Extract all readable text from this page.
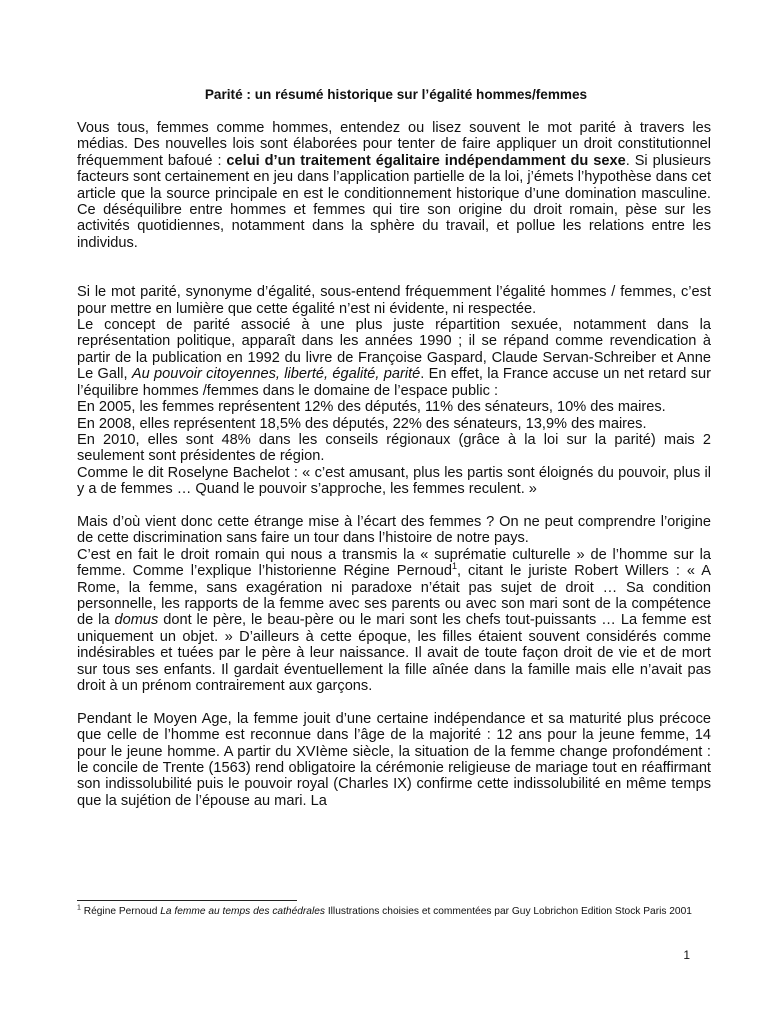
Parité : un résumé historique sur l’égalité hommes/femmes

Vous tous, femmes comme hommes, entendez ou lisez souvent le mot parité à travers les médias. Des nouvelles lois sont élaborées pour tenter de faire appliquer un droit constitutionnel fréquemment bafoué : celui d’un traitement égalitaire indépendamment du sexe. Si plusieurs facteurs sont certainement en jeu dans l’application partielle de la loi, j’émets l’hypothèse dans cet article que la source principale en est le conditionnement historique d’une domination masculine. Ce déséquilibre entre hommes et femmes qui tire son origine du droit romain, pèse sur les activités quotidiennes, notamment dans la sphère du travail, et pollue les relations entre les individus.

Si le mot parité, synonyme d’égalité, sous-entend fréquemment l’égalité hommes / femmes, c’est pour mettre en lumière que cette égalité n’est ni évidente, ni respectée.

Le concept de parité associé à une plus juste répartition sexuée, notamment dans la représentation politique, apparaît dans les années 1990 ; il se répand comme revendication à partir de la publication en 1992 du livre de Françoise Gaspard, Claude Servan-Schreiber et Anne Le Gall, Au pouvoir citoyennes, liberté, égalité, parité. En effet, la France accuse un net retard sur l’équilibre hommes /femmes dans le domaine de l’espace public :

En 2005, les femmes représentent 12% des députés, 11% des sénateurs, 10% des maires.

En 2008, elles représentent 18,5% des députés, 22% des sénateurs, 13,9% des maires.

En 2010, elles sont 48% dans les conseils régionaux (grâce à la loi sur la parité) mais 2 seulement sont présidentes de région.

Comme le dit Roselyne Bachelot : « c’est amusant, plus les partis sont éloignés du pouvoir, plus il y a de femmes … Quand le pouvoir s’approche, les femmes reculent. »

Mais d’où vient donc cette étrange mise à l’écart des femmes ? On ne peut comprendre l’origine de cette discrimination sans faire un tour dans l’histoire de notre pays.

C’est en fait le droit romain qui nous a transmis la « suprématie culturelle » de l’homme sur la femme. Comme l’explique l’historienne Régine Pernoud$^1$, citant le juriste Robert Willers : « A Rome, la femme, sans exagération ni paradoxe n’était pas sujet de droit … Sa condition personnelle, les rapports de la femme avec ses parents ou avec son mari sont de la compétence de la domus dont le père, le beau-père ou le mari sont les chefs tout-puissants … La femme est uniquement un objet. » D’ailleurs à cette époque, les filles étaient souvent considérés comme indésirables et tuées par le père à leur naissance. Il avait de toute façon droit de vie et de mort sur tous ses enfants. Il gardait éventuellement la fille aînée dans la famille mais elle n’avait pas droit à un prénom contrairement aux garçons.

Pendant le Moyen Age, la femme jouit d’une certaine indépendance et sa maturité plus précoce que celle de l’homme est reconnue dans l’âge de la majorité : 12 ans pour la jeune femme, 14 pour le jeune homme. A partir du XVIème siècle, la situation de la femme change profondément : le concile de Trente (1563) rend obligatoire la cérémonie religieuse de mariage tout en réaffirmant son indissolubilité puis le pouvoir royal (Charles IX) confirme cette indissolubilité en même temps que la sujétion de l’épouse au mari. La

$^1$ Régine Pernoud La femme au temps des cathédrales Illustrations choisies et commentées par Guy Lobrichon Edition Stock Paris 2001
1
